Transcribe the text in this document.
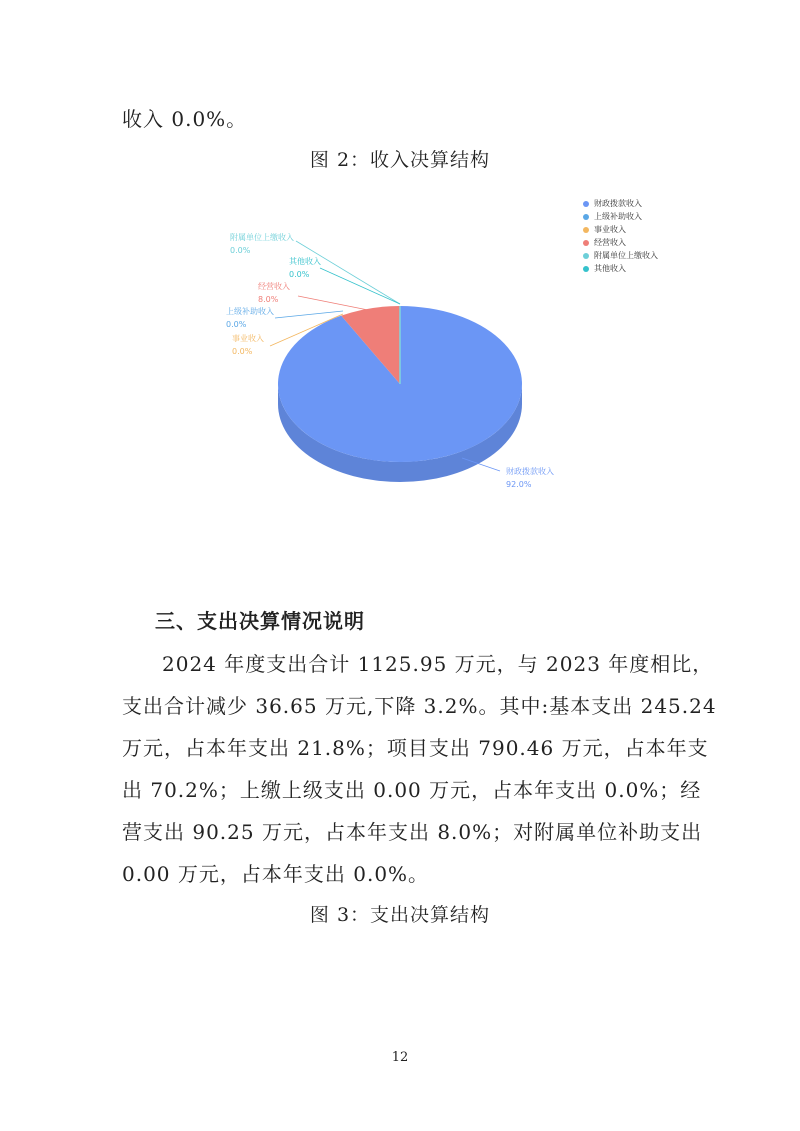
收入 0.0%。
图 2：收入决算结构
财政拨款收入
92.0%
附属单位上缴收入
0.0%
其他收入
0.0%
经营收入
8.0%
上级补助收入
0.0%
事业收入
0.0%
财政拨款收入
上级补助收入
事业收入
经营收入
附属单位上缴收入
其他收入
三、支出决算情况说明
2024 年度支出合计 1125.95 万元，与 2023 年度相比，
支出合计减少 36.65 万元,下降 3.2%。其中:基本支出 245.24
万元，占本年支出 21.8%；项目支出 790.46 万元，占本年支
出 70.2%；上缴上级支出 0.00 万元，占本年支出 0.0%；经
营支出 90.25 万元，占本年支出 8.0%；对附属单位补助支出
0.00 万元，占本年支出 0.0%。
图 3：支出决算结构
12
